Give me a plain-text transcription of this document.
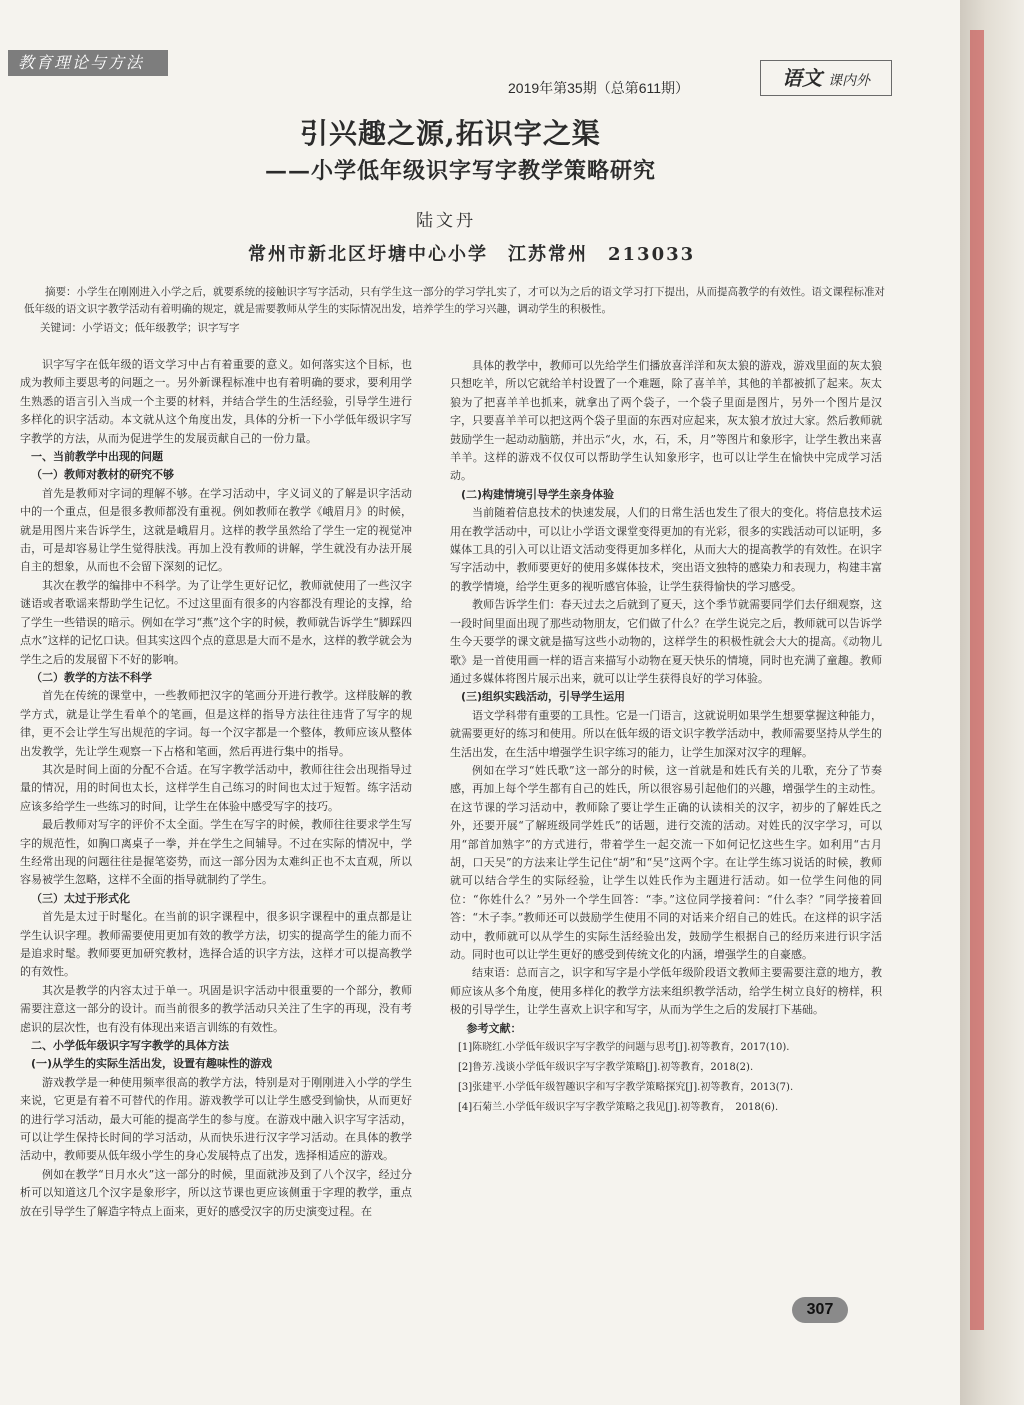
教育理论与方法
2019年第35期（总第611期）	语文 课内外
引兴趣之源,拓识字之渠
——小学低年级识字写字教学策略研究
陆文丹
常州市新北区圩塘中心小学　江苏常州　213033
摘要：小学生在刚刚进入小学之后，就要系统的接触识字写字活动，只有学生这一部分的学习学扎实了，才可以为之后的语文学习打下提出，从而提高教学的有效性。语文课程标准对低年级的语文识字教学活动有着明确的规定，就是需要教师从学生的实际情况出发，培养学生的学习兴趣，调动学生的积极性。
关键词：小学语文；低年级教学；识字写字

识字写字在低年级的语文学习中占有着重要的意义。如何落实这个目标，也成为教师主要思考的问题之一。另外新课程标准中也有着明确的要求，要利用学生熟悉的语言引入当成一个主要的材料，并结合学生的生活经验，引导学生进行多样化的识字活动。本文就从这个角度出发，具体的分析一下小学低年级识字写字教学的方法，从而为促进学生的发展贡献自己的一份力量。

一、当前教学中出现的问题

（一）教师对教材的研究不够

首先是教师对字词的理解不够。在学习活动中，字义词义的了解是识字活动中的一个重点，但是很多教师都没有重视。例如教师在教学《峨眉月》的时候，就是用图片来告诉学生，这就是峨眉月。这样的教学虽然给了学生一定的视觉冲击，可是却容易让学生觉得肤浅。再加上没有教师的讲解，学生就没有办法开展自主的想象，从而也不会留下深刻的记忆。

其次在教学的编排中不科学。为了让学生更好记忆，教师就使用了一些汉字谜语或者歌谣来帮助学生记忆。不过这里面有很多的内容都没有理论的支撑，给了学生一些错误的暗示。例如在学习“燕”这个字的时候，教师就告诉学生“脚踩四点水”这样的记忆口诀。但其实这四个点的意思是大而不是水，这样的教学就会为学生之后的发展留下不好的影响。

（二）教学的方法不科学

首先在传统的课堂中，一些教师把汉字的笔画分开进行教学。这样肢解的教学方式，就是让学生看单个的笔画，但是这样的指导方法往往违背了写字的规律，更不会让学生写出规范的字词。每一个汉字都是一个整体，教师应该从整体出发教学，先让学生观察一下占格和笔画，然后再进行集中的指导。

其次是时间上面的分配不合适。在写字教学活动中，教师往往会出现指导过量的情况，用的时间也太长，这样学生自己练习的时间也太过于短暂。练字活动应该多给学生一些练习的时间，让学生在体验中感受写字的技巧。

最后教师对写字的评价不太全面。学生在写字的时候，教师往往要求学生写字的规范性，如胸口离桌子一拳，并在学生之间辅导。不过在实际的情况中，学生经常出现的问题往往是握笔姿势，而这一部分因为太难纠正也不太直观，所以容易被学生忽略，这样不全面的指导就制约了学生。

（三）太过于形式化

首先是太过于时髦化。在当前的识字课程中，很多识字课程中的重点都是让学生认识字理。教师需要使用更加有效的教学方法，切实的提高学生的能力而不是追求时髦。教师要更加研究教材，选择合适的识字方法，这样才可以提高教学的有效性。

其次是教学的内容太过于单一。巩固是识字活动中很重要的一个部分，教师需要注意这一部分的设计。而当前很多的教学活动只关注了生字的再现，没有考虑识的层次性，也有没有体现出来语言训练的有效性。

二、小学低年级识字写字教学的具体方法

(一)从学生的实际生活出发，设置有趣味性的游戏

游戏教学是一种使用频率很高的教学方法，特别是对于刚刚进入小学的学生来说，它更是有着不可替代的作用。游戏教学可以让学生感受到愉快，从而更好的进行学习活动，最大可能的提高学生的参与度。在游戏中融入识字写字活动，可以让学生保持长时间的学习活动，从而快乐进行汉字学习活动。在具体的教学活动中，教师要从低年级小学生的身心发展特点了出发，选择相适应的游戏。

例如在教学“日月水火”这一部分的时候，里面就涉及到了八个汉字，经过分析可以知道这几个汉字是象形字，所以这节课也更应该侧重于字理的教学，重点放在引导学生了解造字特点上面来，更好的感受汉字的历史演变过程。在

具体的教学中，教师可以先给学生们播放喜洋洋和灰太狼的游戏，游戏里面的灰太狼只想吃羊，所以它就给羊村设置了一个难题，除了喜羊羊，其他的羊都被抓了起来。灰太狼为了把喜羊羊也抓来，就拿出了两个袋子，一个袋子里面是图片，另外一个图片是汉字，只要喜羊羊可以把这两个袋子里面的东西对应起来，灰太狼才放过大家。然后教师就鼓励学生一起动动脑筋，并出示“火，水，石，禾，月”等图片和象形字，让学生教出来喜羊羊。这样的游戏不仅仅可以帮助学生认知象形字，也可以让学生在愉快中完成学习活动。

(二)构建情境引导学生亲身体验

当前随着信息技术的快速发展，人们的日常生活也发生了很大的变化。将信息技术运用在教学活动中，可以让小学语文课堂变得更加的有光彩，很多的实践活动可以证明，多媒体工具的引入可以让语文活动变得更加多样化，从而大大的提高教学的有效性。在识字写字活动中，教师要更好的使用多媒体技术，突出语文独特的感染力和表现力，构建丰富的教学情境，给学生更多的视听感官体验，让学生获得愉快的学习感受。

教师告诉学生们：春天过去之后就到了夏天，这个季节就需要同学们去仔细观察，这一段时间里面出现了那些动物朋友，它们做了什么？在学生说完之后，教师就可以告诉学生今天要学的课文就是描写这些小动物的，这样学生的积极性就会大大的提高。《动物儿歌》是一首使用画一样的语言来描写小动物在夏天快乐的情境，同时也充满了童趣。教师通过多媒体将图片展示出来，就可以让学生获得良好的学习体验。

(三)组织实践活动，引导学生运用

语文学科带有重要的工具性。它是一门语言，这就说明如果学生想要掌握这种能力，就需要更好的练习和使用。所以在低年级的语文识字教学活动中，教师需要坚持从学生的生活出发，在生活中增强学生识字练习的能力，让学生加深对汉字的理解。

例如在学习“姓氏歌”这一部分的时候，这一首就是和姓氏有关的儿歌，充分了节奏感，再加上每个学生都有自己的姓氏，所以很容易引起他们的兴趣，增强学生的主动性。在这节课的学习活动中，教师除了要让学生正确的认读相关的汉字，初步的了解姓氏之外，还要开展“了解班级同学姓氏”的话题，进行交流的活动。对姓氏的汉字学习，可以用“部首加熟字”的方式进行，带着学生一起交流一下如何记忆这些生字。如利用“古月胡，口天吴”的方法来让学生记住“胡”和“吴”这两个字。在让学生练习说话的时候，教师就可以结合学生的实际经验，让学生以姓氏作为主题进行活动。如一位学生问他的同位：“你姓什么？”另外一个学生回答：“李。”这位同学接着问：“什么李？”同学接着回答：“木子李。”教师还可以鼓励学生使用不同的对话来介绍自己的姓氏。在这样的识字活动中，教师就可以从学生的实际生活经验出发，鼓励学生根据自己的经历来进行识字活动。同时也可以让学生更好的感受到传统文化的内涵，增强学生的自豪感。

结束语：总而言之，识字和写字是小学低年级阶段语文教师主要需要注意的地方，教师应该从多个角度，使用多样化的教学方法来组织教学活动，给学生树立良好的榜样，积极的引导学生，让学生喜欢上识字和写字，从而为学生之后的发展打下基础。

参考文献：

[1]陈晓红.小学低年级识字写字教学的问题与思考[J].初等教育，2017(10).

[2]鲁芳.浅谈小学低年级识字写字教学策略[J].初等教育，2018(2).

[3]张建平.小学低年级智趣识字和写字教学策略探究[J].初等教育，2013(7).

[4]石菊兰.小学低年级识字写字教学策略之我见[J].初等教育，　2018(6).

307
